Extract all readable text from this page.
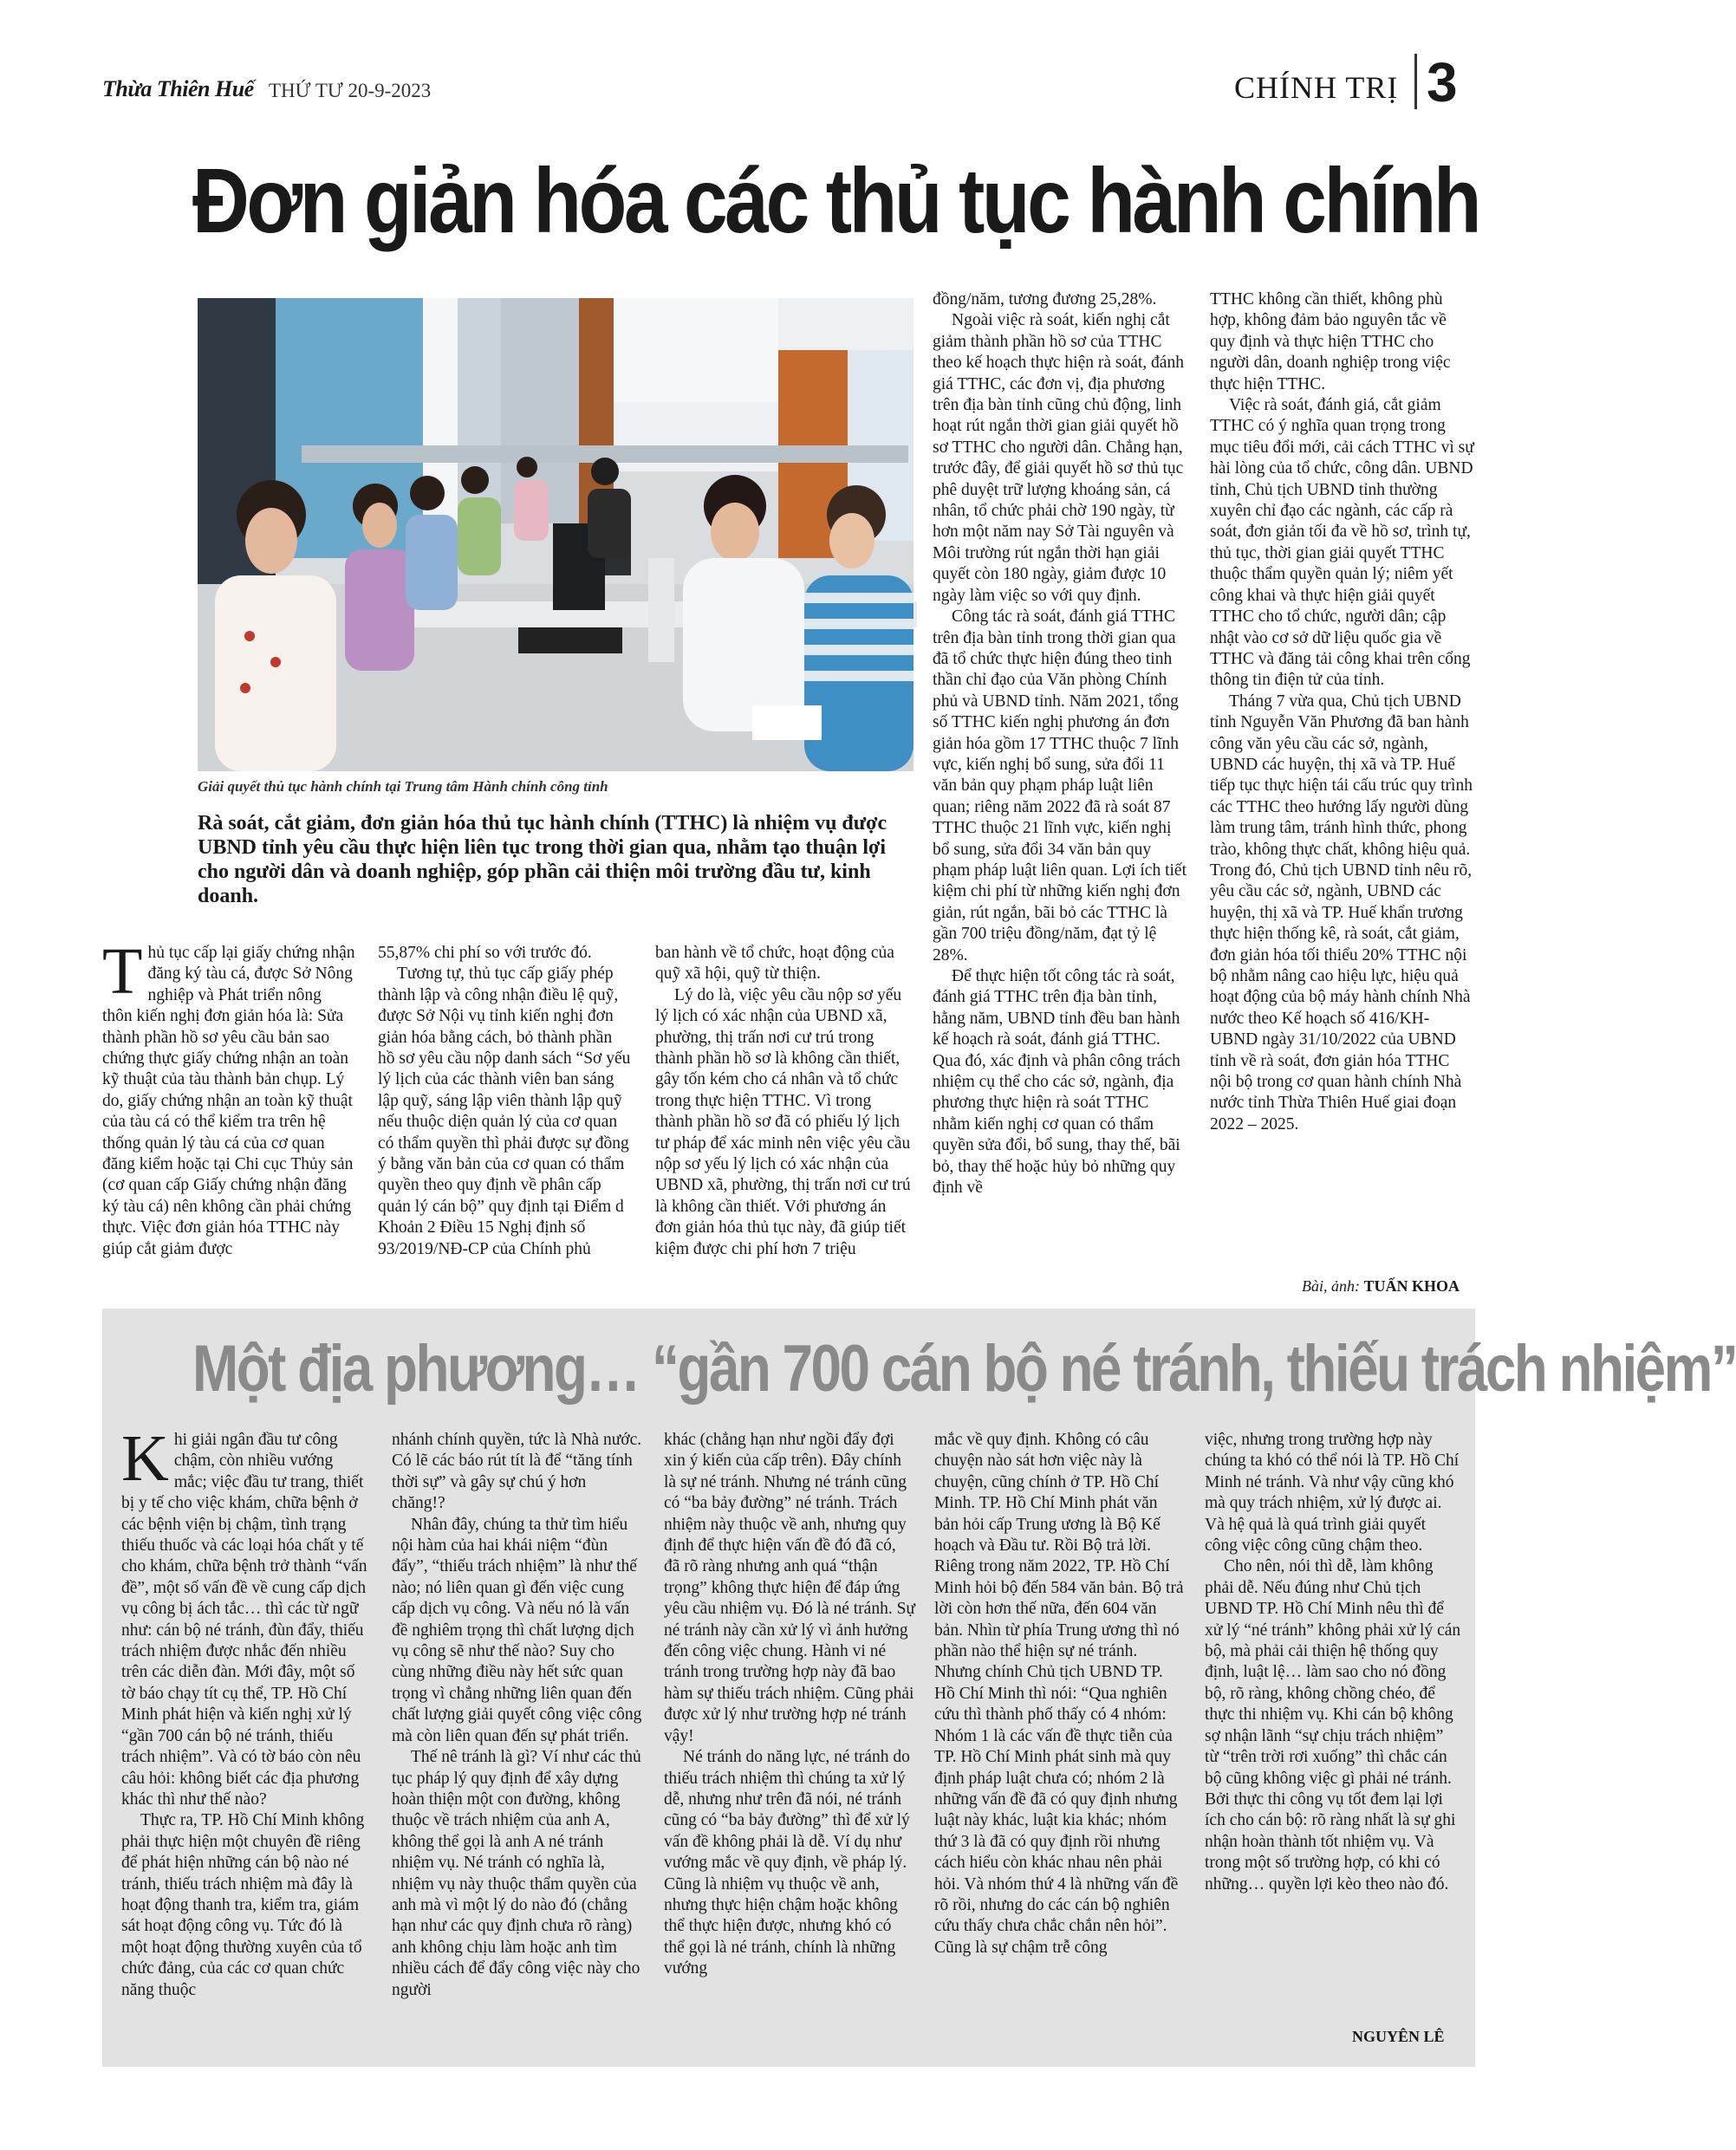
Thừa Thiên Huế THỨ TƯ 20-9-2023	CHÍNH TRỊ 3
Đơn giản hóa các thủ tục hành chính
Giải quyết thủ tục hành chính tại Trung tâm Hành chính công tỉnh
Rà soát, cắt giảm, đơn giản hóa thủ tục hành chính (TTHC) là nhiệm vụ được UBND tỉnh yêu cầu thực hiện liên tục trong thời gian qua, nhằm tạo thuận lợi cho người dân và doanh nghiệp, góp phần cải thiện môi trường đầu tư, kinh doanh.

Thủ tục cấp lại giấy chứng nhận đăng ký tàu cá, được Sở Nông nghiệp và Phát triển nông thôn kiến nghị đơn giản hóa là: Sửa thành phần hồ sơ yêu cầu bản sao chứng thực giấy chứng nhận an toàn kỹ thuật của tàu thành bản chụp. Lý do, giấy chứng nhận an toàn kỹ thuật của tàu cá có thể kiểm tra trên hệ thống quản lý tàu cá của cơ quan đăng kiểm hoặc tại Chi cục Thủy sản (cơ quan cấp Giấy chứng nhận đăng ký tàu cá) nên không cần phải chứng thực. Việc đơn giản hóa TTHC này giúp cắt giảm được

55,87% chi phí so với trước đó.

Tương tự, thủ tục cấp giấy phép thành lập và công nhận điều lệ quỹ, được Sở Nội vụ tỉnh kiến nghị đơn giản hóa bằng cách, bỏ thành phần hồ sơ yêu cầu nộp danh sách “Sơ yếu lý lịch của các thành viên ban sáng lập quỹ, sáng lập viên thành lập quỹ nếu thuộc diện quản lý của cơ quan có thẩm quyền thì phải được sự đồng ý bằng văn bản của cơ quan có thẩm quyền theo quy định về phân cấp quản lý cán bộ” quy định tại Điểm d Khoản 2 Điều 15 Nghị định số 93/2019/NĐ-CP của Chính phủ

ban hành về tổ chức, hoạt động của quỹ xã hội, quỹ từ thiện.

Lý do là, việc yêu cầu nộp sơ yếu lý lịch có xác nhận của UBND xã, phường, thị trấn nơi cư trú trong thành phần hồ sơ là không cần thiết, gây tốn kém cho cá nhân và tổ chức trong thực hiện TTHC. Vì trong thành phần hồ sơ đã có phiếu lý lịch tư pháp để xác minh nên việc yêu cầu nộp sơ yếu lý lịch có xác nhận của UBND xã, phường, thị trấn nơi cư trú là không cần thiết. Với phương án đơn giản hóa thủ tục này, đã giúp tiết kiệm được chi phí hơn 7 triệu

đồng/năm, tương đương 25,28%.

Ngoài việc rà soát, kiến nghị cắt giảm thành phần hồ sơ của TTHC theo kế hoạch thực hiện rà soát, đánh giá TTHC, các đơn vị, địa phương trên địa bàn tỉnh cũng chủ động, linh hoạt rút ngắn thời gian giải quyết hồ sơ TTHC cho người dân. Chẳng hạn, trước đây, để giải quyết hồ sơ thủ tục phê duyệt trữ lượng khoáng sản, cá nhân, tổ chức phải chờ 190 ngày, từ hơn một năm nay Sở Tài nguyên và Môi trường rút ngắn thời hạn giải quyết còn 180 ngày, giảm được 10 ngày làm việc so với quy định.

Công tác rà soát, đánh giá TTHC trên địa bàn tỉnh trong thời gian qua đã tổ chức thực hiện đúng theo tinh thần chỉ đạo của Văn phòng Chính phủ và UBND tỉnh. Năm 2021, tổng số TTHC kiến nghị phương án đơn giản hóa gồm 17 TTHC thuộc 7 lĩnh vực, kiến nghị bổ sung, sửa đổi 11 văn bản quy phạm pháp luật liên quan; riêng năm 2022 đã rà soát 87 TTHC thuộc 21 lĩnh vực, kiến nghị bổ sung, sửa đổi 34 văn bản quy phạm pháp luật liên quan. Lợi ích tiết kiệm chi phí từ những kiến nghị đơn giản, rút ngắn, bãi bỏ các TTHC là gần 700 triệu đồng/năm, đạt tỷ lệ 28%.

Để thực hiện tốt công tác rà soát, đánh giá TTHC trên địa bàn tỉnh, hằng năm, UBND tỉnh đều ban hành kế hoạch rà soát, đánh giá TTHC. Qua đó, xác định và phân công trách nhiệm cụ thể cho các sở, ngành, địa phương thực hiện rà soát TTHC nhằm kiến nghị cơ quan có thẩm quyền sửa đổi, bổ sung, thay thế, bãi bỏ, thay thế hoặc hủy bỏ những quy định về

TTHC không cần thiết, không phù hợp, không đảm bảo nguyên tắc về quy định và thực hiện TTHC cho người dân, doanh nghiệp trong việc thực hiện TTHC.

Việc rà soát, đánh giá, cắt giảm TTHC có ý nghĩa quan trọng trong mục tiêu đổi mới, cải cách TTHC vì sự hài lòng của tổ chức, công dân. UBND tỉnh, Chủ tịch UBND tỉnh thường xuyên chỉ đạo các ngành, các cấp rà soát, đơn giản tối đa về hồ sơ, trình tự, thủ tục, thời gian giải quyết TTHC thuộc thẩm quyền quản lý; niêm yết công khai và thực hiện giải quyết TTHC cho tổ chức, người dân; cập nhật vào cơ sở dữ liệu quốc gia về TTHC và đăng tải công khai trên cổng thông tin điện tử của tỉnh.

Tháng 7 vừa qua, Chủ tịch UBND tỉnh Nguyễn Văn Phương đã ban hành công văn yêu cầu các sở, ngành, UBND các huyện, thị xã và TP. Huế tiếp tục thực hiện tái cấu trúc quy trình các TTHC theo hướng lấy người dùng làm trung tâm, tránh hình thức, phong trào, không thực chất, không hiệu quả. Trong đó, Chủ tịch UBND tỉnh nêu rõ, yêu cầu các sở, ngành, UBND các huyện, thị xã và TP. Huế khẩn trương thực hiện thống kê, rà soát, cắt giảm, đơn giản hóa tối thiểu 20% TTHC nội bộ nhằm nâng cao hiệu lực, hiệu quả hoạt động của bộ máy hành chính Nhà nước theo Kế hoạch số 416/KH-UBND ngày 31/10/2022 của UBND tỉnh về rà soát, đơn giản hóa TTHC nội bộ trong cơ quan hành chính Nhà nước tỉnh Thừa Thiên Huế giai đoạn 2022 – 2025.

Bài, ảnh: TUẤN KHOA
Một địa phương… “gần 700 cán bộ né tránh, thiếu trách nhiệm”

Khi giải ngân đầu tư công chậm, còn nhiều vướng mắc; việc đầu tư trang, thiết bị y tế cho việc khám, chữa bệnh ở các bệnh viện bị chậm, tình trạng thiếu thuốc và các loại hóa chất y tế cho khám, chữa bệnh trở thành “vấn đề”, một số vấn đề về cung cấp dịch vụ công bị ách tắc… thì các từ ngữ như: cán bộ né tránh, đùn đẩy, thiếu trách nhiệm được nhắc đến nhiều trên các diễn đàn. Mới đây, một số tờ báo chạy tít cụ thể, TP. Hồ Chí Minh phát hiện và kiến nghị xử lý “gần 700 cán bộ né tránh, thiếu trách nhiệm”. Và có tờ báo còn nêu câu hỏi: không biết các địa phương khác thì như thế nào?

Thực ra, TP. Hồ Chí Minh không phải thực hiện một chuyên đề riêng để phát hiện những cán bộ nào né tránh, thiếu trách nhiệm mà đây là hoạt động thanh tra, kiểm tra, giám sát hoạt động công vụ. Tức đó là một hoạt động thường xuyên của tổ chức đảng, của các cơ quan chức năng thuộc

nhánh chính quyền, tức là Nhà nước. Có lẽ các báo rút tít là để “tăng tính thời sự” và gây sự chú ý hơn chăng!?

Nhân đây, chúng ta thử tìm hiểu nội hàm của hai khái niệm “đùn đẩy”, “thiếu trách nhiệm” là như thế nào; nó liên quan gì đến việc cung cấp dịch vụ công. Và nếu nó là vấn đề nghiêm trọng thì chất lượng dịch vụ công sẽ như thế nào? Suy cho cùng những điều này hết sức quan trọng vì chẳng những liên quan đến chất lượng giải quyết công việc công mà còn liên quan đến sự phát triển.

Thế nê tránh là gì? Ví như các thủ tục pháp lý quy định để xây dựng hoàn thiện một con đường, không thuộc về trách nhiệm của anh A, không thể gọi là anh A né tránh nhiệm vụ. Né tránh có nghĩa là, nhiệm vụ này thuộc thẩm quyền của anh mà vì một lý do nào đó (chẳng hạn như các quy định chưa rõ ràng) anh không chịu làm hoặc anh tìm nhiều cách để đẩy công việc này cho người

khác (chẳng hạn như ngồi đẩy đợi xin ý kiến của cấp trên). Đây chính là sự né tránh. Nhưng né tránh cũng có “ba bảy đường” né tránh. Trách nhiệm này thuộc về anh, nhưng quy định để thực hiện vấn đề đó đã có, đã rõ ràng nhưng anh quá “thận trọng” không thực hiện để đáp ứng yêu cầu nhiệm vụ. Đó là né tránh. Sự né tránh này cần xử lý vì ảnh hưởng đến công việc chung. Hành vi né tránh trong trường hợp này đã bao hàm sự thiếu trách nhiệm. Cũng phải được xử lý như trường hợp né tránh vậy!

Né tránh do năng lực, né tránh do thiếu trách nhiệm thì chúng ta xử lý dễ, nhưng như trên đã nói, né tránh cũng có “ba bảy đường” thì để xử lý vấn đề không phải là dễ. Ví dụ như vướng mắc về quy định, về pháp lý. Cũng là nhiệm vụ thuộc về anh, nhưng thực hiện chậm hoặc không thể thực hiện được, nhưng khó có thể gọi là né tránh, chính là những vướng

mắc về quy định. Không có câu chuyện nào sát hơn việc này là chuyện, cũng chính ở TP. Hồ Chí Minh. TP. Hồ Chí Minh phát văn bản hỏi cấp Trung ương là Bộ Kế hoạch và Đầu tư. Rồi Bộ trả lời. Riêng trong năm 2022, TP. Hồ Chí Minh hỏi bộ đến 584 văn bản. Bộ trả lời còn hơn thế nữa, đến 604 văn bản. Nhìn từ phía Trung ương thì nó phần nào thể hiện sự né tránh. Nhưng chính Chủ tịch UBND TP. Hồ Chí Minh thì nói: “Qua nghiên cứu thì thành phố thấy có 4 nhóm: Nhóm 1 là các vấn đề thực tiễn của TP. Hồ Chí Minh phát sinh mà quy định pháp luật chưa có; nhóm 2 là những vấn đề đã có quy định nhưng luật này khác, luật kia khác; nhóm thứ 3 là đã có quy định rồi nhưng cách hiểu còn khác nhau nên phải hỏi. Và nhóm thứ 4 là những vấn đề rõ rồi, nhưng do các cán bộ nghiên cứu thấy chưa chắc chắn nên hỏi”. Cũng là sự chậm trễ công

việc, nhưng trong trường hợp này chúng ta khó có thể nói là TP. Hồ Chí Minh né tránh. Và như vậy cũng khó mà quy trách nhiệm, xử lý được ai. Và hệ quả là quá trình giải quyết công việc công cũng chậm theo.

Cho nên, nói thì dễ, làm không phải dễ. Nếu đúng như Chủ tịch UBND TP. Hồ Chí Minh nêu thì để xử lý “né tránh” không phải xử lý cán bộ, mà phải cải thiện hệ thống quy định, luật lệ… làm sao cho nó đồng bộ, rõ ràng, không chồng chéo, để thực thi nhiệm vụ. Khi cán bộ không sợ nhận lãnh “sự chịu trách nhiệm” từ “trên trời rơi xuống” thì chắc cán bộ cũng không việc gì phải né tránh. Bởi thực thi công vụ tốt đem lại lợi ích cho cán bộ: rõ ràng nhất là sự ghi nhận hoàn thành tốt nhiệm vụ. Và trong một số trường hợp, có khi có những… quyền lợi kèo theo nào đó.

NGUYÊN LÊ
